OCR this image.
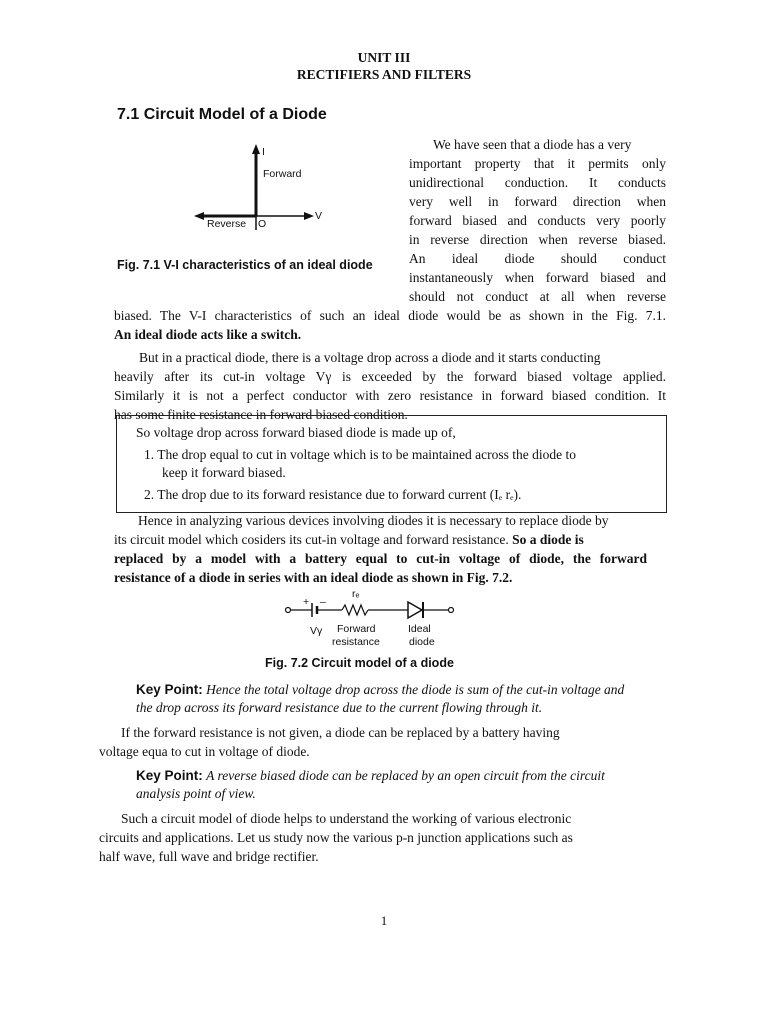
UNIT III
RECTIFIERS AND FILTERS
7.1 Circuit Model of a Diode
I
Forward
Reverse O
V
Fig. 7.1 V-I characteristics of an ideal diode
We have seen that a diode has a very
important property that it permits only
unidirectional conduction. It conducts
very well in forward direction when
forward biased and conducts very poorly
in reverse direction when reverse biased.
An ideal diode should conduct
instantaneously when forward biased and
should not conduct at all when reverse
biased. The V-I characteristics of such an ideal diode would be as shown in the Fig. 7.1.
An ideal diode acts like a switch.
But in a practical diode, there is a voltage drop across a diode and it starts conducting
heavily after its cut-in voltage Vγ is exceeded by the forward biased voltage applied.
Similarly it is not a perfect conductor with zero resistance in forward biased condition. It
has some finite resistance in forward biased condition.
So voltage drop across forward biased diode is made up of,
1. The drop equal to cut in voltage which is to be maintained across the diode to
keep it forward biased.
2. The drop due to its forward resistance due to forward current (Iₑ rₑ).
Hence in analyzing various devices involving diodes it is necessary to replace diode by
its circuit model which cosiders its cut-in voltage and forward resistance. So a diode is
replaced by a model with a battery equal to cut-in voltage of diode, the forward
resistance of a diode in series with an ideal diode as shown in Fig. 7.2.
+ –
rₑ
Vγ Forward
resistance
Ideal
diode
Fig. 7.2 Circuit model of a diode
Key Point: Hence the total voltage drop across the diode is sum of the cut-in voltage and
the drop across its forward resistance due to the current flowing through it.
If the forward resistance is not given, a diode can be replaced by a battery having
voltage equa to cut in voltage of diode.
Key Point: A reverse biased diode can be replaced by an open circuit from the circuit
analysis point of view.
Such a circuit model of diode helps to understand the working of various electronic
circuits and applications. Let us study now the various p-n junction applications such as
half wave, full wave and bridge rectifier.
1
